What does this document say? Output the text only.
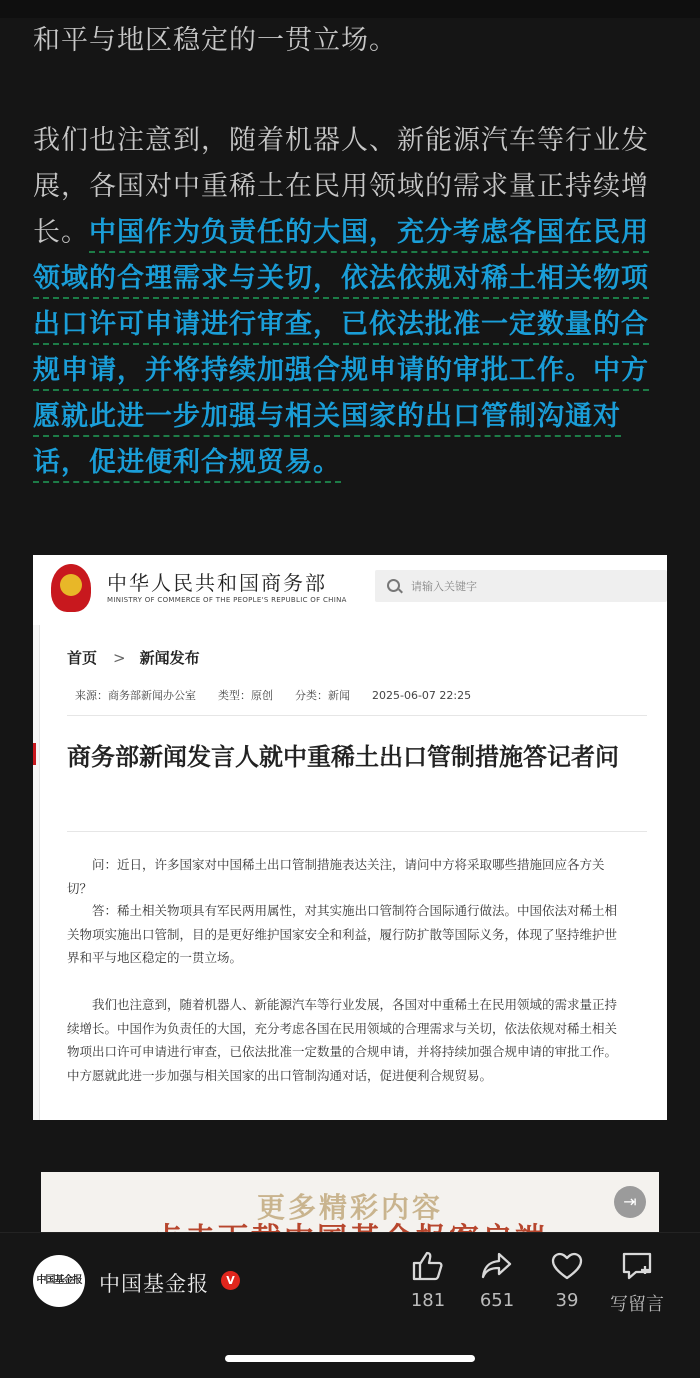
和平与地区稳定的一贯立场。

我们也注意到，随着机器人、新能源汽车等行业发展，各国对中重稀土在民用领域的需求量正持续增长。中国作为负责任的大国，充分考虑各国在民用领域的合理需求与关切，依法依规对稀土相关物项出口许可申请进行审查，已依法批准一定数量的合规申请，并将持续加强合规申请的审批工作。中方愿就此进一步加强与相关国家的出口管制沟通对话，促进便利合规贸易。

中华人民共和国商务部
MINISTRY OF COMMERCE OF THE PEOPLE'S REPUBLIC OF CHINA
请输入关键字
首页 > 新闻发布
来源：商务部新闻办公室 类型：原创 分类：新闻 2025-06-07 22:25
商务部新闻发言人就中重稀土出口管制措施答记者问

问：近日，许多国家对中国稀土出口管制措施表达关注，请问中方将采取哪些措施回应各方关切？

答：稀土相关物项具有军民两用属性，对其实施出口管制符合国际通行做法。中国依法对稀土相关物项实施出口管制，目的是更好维护国家安全和利益，履行防扩散等国际义务，体现了坚持维护世界和平与地区稳定的一贯立场。

我们也注意到，随着机器人、新能源汽车等行业发展，各国对中重稀土在民用领域的需求量正持续增长。中国作为负责任的大国，充分考虑各国在民用领域的合理需求与关切，依法依规对稀土相关物项出口许可申请进行审查，已依法批准一定数量的合规申请，并将持续加强合规申请的审批工作。中方愿就此进一步加强与相关国家的出口管制沟通对话，促进便利合规贸易。

更多精彩内容	⇥
中国基金报 中国基金报	V
181	651	39	写留言
